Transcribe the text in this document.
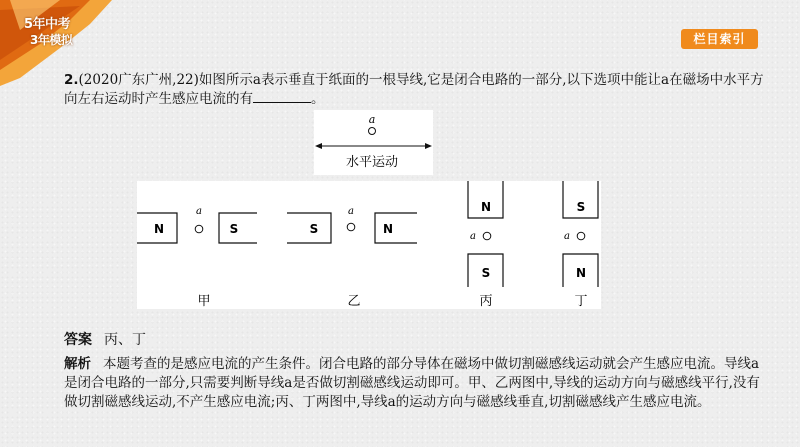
5年中考
3年模拟	栏目索引
2.(2020广东广州,22)如图所示a表示垂直于纸面的一根导线,它是闭合电路的一部分,以下选项中能让a在磁场中水平方向左右运动时产生感应电流的有	。
a
水平运动
N
a
S
甲
S
a
N
乙
N
a
S
丙
S
a
N
丁
答案 丙、丁
解析 本题考查的是感应电流的产生条件。闭合电路的部分导体在磁场中做切割磁感线运动就会产生感应电流。导线a是闭合电路的一部分,只需要判断导线a是否做切割磁感线运动即可。甲、乙两图中,导线的运动方向与磁感线平行,没有做切割磁感线运动,不产生感应电流;丙、丁两图中,导线a的运动方向与磁感线垂直,切割磁感线产生感应电流。
